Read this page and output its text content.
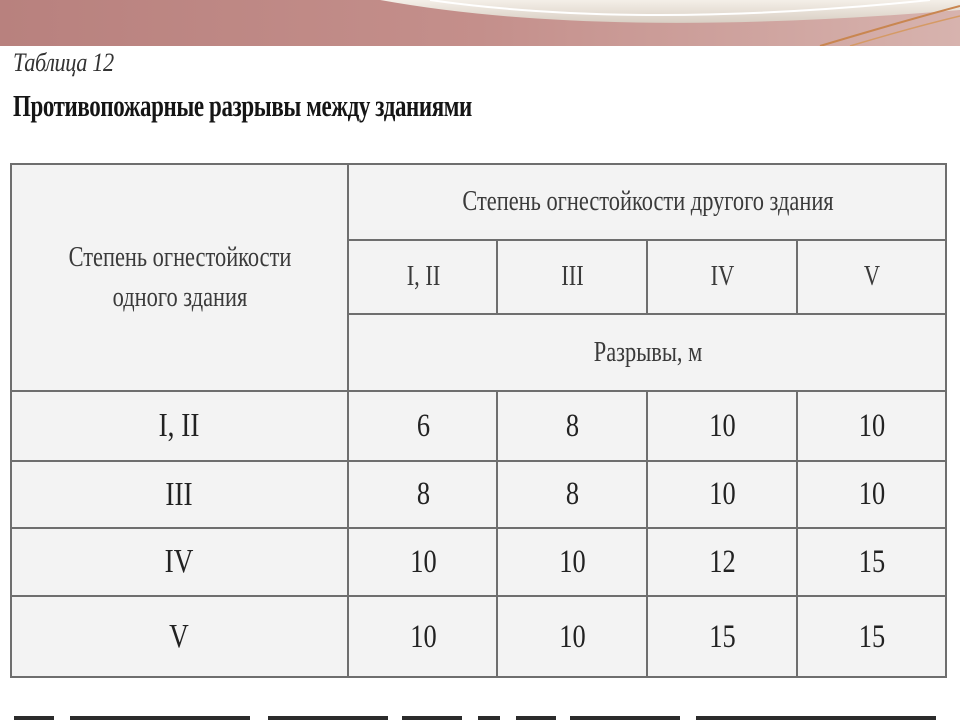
Таблица 12
Противопожарные разрывы между зданиями
Степень огнестойкости одного здания
Степень огнестойкости другого здания
I, II	III	IV	V
Разрывы, м
I, II	6	8	10	10
III	8	8	10	10
IV	10	10	12	15
V	10	10	15	15
